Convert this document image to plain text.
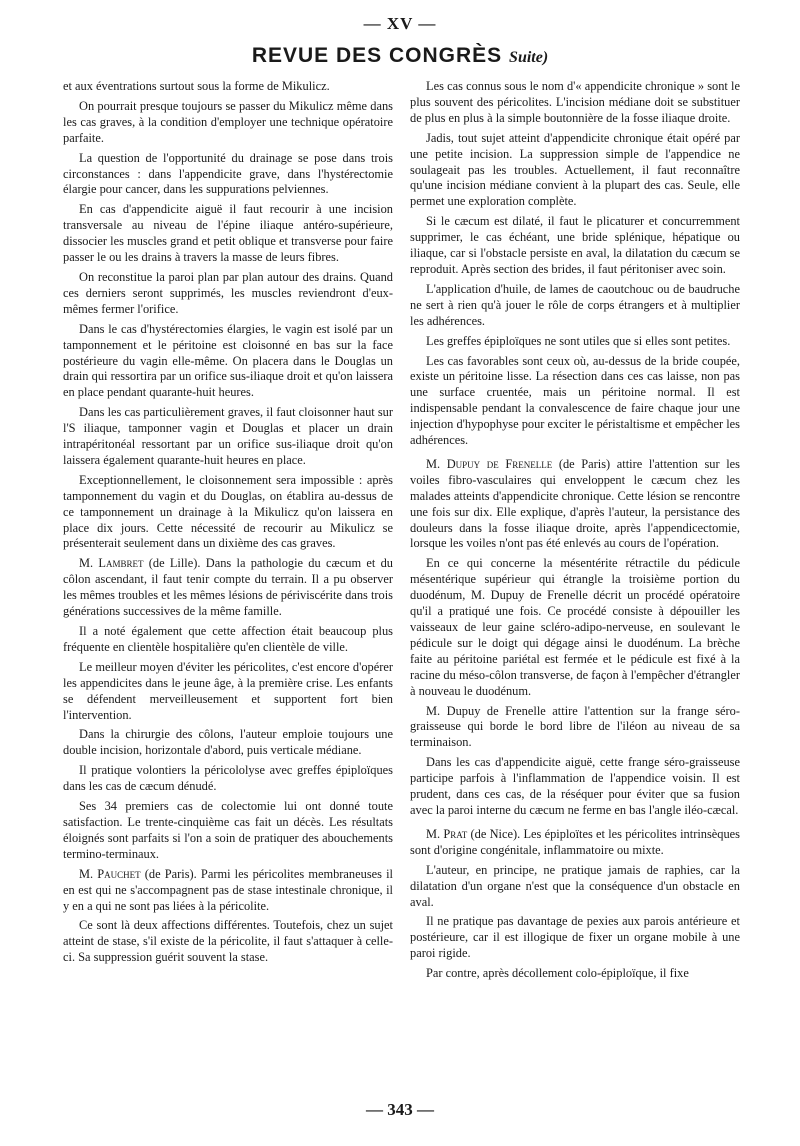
— XV —
REVUE DES CONGRÈS Suite)

et aux éventrations surtout sous la forme de Mikulicz.

On pourrait presque toujours se passer du Mikulicz même dans les cas graves, à la condition d'employer une technique opératoire parfaite.

La question de l'opportunité du drainage se pose dans trois circonstances : dans l'appendicite grave, dans l'hystérectomie élargie pour cancer, dans les suppurations pelviennes.

En cas d'appendicite aiguë il faut recourir à une incision transversale au niveau de l'épine iliaque antéro-supérieure, dissocier les muscles grand et petit oblique et transverse pour faire passer le ou les drains à travers la masse de leurs fibres.

On reconstitue la paroi plan par plan autour des drains. Quand ces derniers seront supprimés, les muscles reviendront d'eux-mêmes fermer l'orifice.

Dans le cas d'hystérectomies élargies, le vagin est isolé par un tamponnement et le péritoine est cloisonné en bas sur la face postérieure du vagin elle-même. On placera dans le Douglas un drain qui ressortira par un orifice sus-iliaque droit et qu'on laissera en place pendant quarante-huit heures.

Dans les cas particulièrement graves, il faut cloisonner haut sur l'S iliaque, tamponner vagin et Douglas et placer un drain intrapéritonéal ressortant par un orifice sus-iliaque droit qu'on laissera également quarante-huit heures en place.

Exceptionnellement, le cloisonnement sera impossible : après tamponnement du vagin et du Douglas, on établira au-dessus de ce tamponnement un drainage à la Mikulicz qu'on laissera en place dix jours. Cette nécessité de recourir au Mikulicz se présenterait seulement dans un dixième des cas graves.

M. Lambret (de Lille). Dans la pathologie du cæcum et du côlon ascendant, il faut tenir compte du terrain. Il a pu observer les mêmes troubles et les mêmes lésions de périviscérite dans trois générations successives de la même famille.

Il a noté également que cette affection était beaucoup plus fréquente en clientèle hospitalière qu'en clientèle de ville.

Le meilleur moyen d'éviter les péricolites, c'est encore d'opérer les appendicites dans le jeune âge, à la première crise. Les enfants se défendent merveilleusement et supportent fort bien l'intervention.

Dans la chirurgie des côlons, l'auteur emploie toujours une double incision, horizontale d'abord, puis verticale médiane.

Il pratique volontiers la péricololyse avec greffes épiploïques dans les cas de cæcum dénudé.

Ses 34 premiers cas de colectomie lui ont donné toute satisfaction. Le trente-cinquième cas fait un décès. Les résultats éloignés sont parfaits si l'on a soin de pratiquer des abouchements termino-terminaux.

M. Pauchet (de Paris). Parmi les péricolites membraneuses il en est qui ne s'accompagnent pas de stase intestinale chronique, il y en a qui ne sont pas liées à la péricolite.

Ce sont là deux affections différentes. Toutefois, chez un sujet atteint de stase, s'il existe de la péricolite, il faut s'attaquer à celle-ci. Sa suppression guérit souvent la stase.

Les cas connus sous le nom d'« appendicite chronique » sont le plus souvent des péricolites. L'incision médiane doit se substituer de plus en plus à la simple boutonnière de la fosse iliaque droite.

Jadis, tout sujet atteint d'appendicite chronique était opéré par une petite incision. La suppression simple de l'appendice ne soulageait pas les troubles. Actuellement, il faut reconnaître qu'une incision médiane convient à la plupart des cas. Seule, elle permet une exploration complète.

Si le cæcum est dilaté, il faut le plicaturer et concurremment supprimer, le cas échéant, une bride splénique, hépatique ou iliaque, car si l'obstacle persiste en aval, la dilatation du cæcum se reproduit. Après section des brides, il faut péritoniser avec soin.

L'application d'huile, de lames de caoutchouc ou de baudruche ne sert à rien qu'à jouer le rôle de corps étrangers et à multiplier les adhérences.

Les greffes épiploïques ne sont utiles que si elles sont petites.

Les cas favorables sont ceux où, au-dessus de la bride coupée, existe un péritoine lisse. La résection dans ces cas laisse, non pas une surface cruentée, mais un péritoine normal. Il est indispensable pendant la convalescence de faire chaque jour une injection d'hypophyse pour exciter le péristaltisme et empêcher les adhérences.

M. Dupuy de Frenelle (de Paris) attire l'attention sur les voiles fibro-vasculaires qui enveloppent le cæcum chez les malades atteints d'appendicite chronique. Cette lésion se rencontre une fois sur dix. Elle explique, d'après l'auteur, la persistance des douleurs dans la fosse iliaque droite, après l'appendicectomie, lorsque les voiles n'ont pas été enlevés au cours de l'opération.

En ce qui concerne la mésentérite rétractile du pédicule mésentérique supérieur qui étrangle la troisième portion du duodénum, M. Dupuy de Frenelle décrit un procédé opératoire qu'il a pratiqué une fois. Ce procédé consiste à dépouiller les vaisseaux de leur gaine scléro-adipo-nerveuse, en soulevant le pédicule sur le doigt qui dégage ainsi le duodénum. La brèche faite au péritoine pariétal est fermée et le pédicule est fixé à la racine du méso-côlon transverse, de façon à l'empêcher d'étrangler à nouveau le duodénum.

M. Dupuy de Frenelle attire l'attention sur la frange séro-graisseuse qui borde le bord libre de l'iléon au niveau de sa terminaison.

Dans les cas d'appendicite aiguë, cette frange séro-graisseuse participe parfois à l'inflammation de l'appendice voisin. Il est prudent, dans ces cas, de la réséquer pour éviter que sa fusion avec la paroi interne du cæcum ne ferme en bas l'angle iléo-cæcal.

M. Prat (de Nice). Les épiploïtes et les péricolites intrinsèques sont d'origine congénitale, inflammatoire ou mixte.

L'auteur, en principe, ne pratique jamais de raphies, car la dilatation d'un organe n'est que la conséquence d'un obstacle en aval.

Il ne pratique pas davantage de pexies aux parois antérieure et postérieure, car il est illogique de fixer un organe mobile à une paroi rigide.

Par contre, après décollement colo-épiploïque, il fixe

— 343 —
